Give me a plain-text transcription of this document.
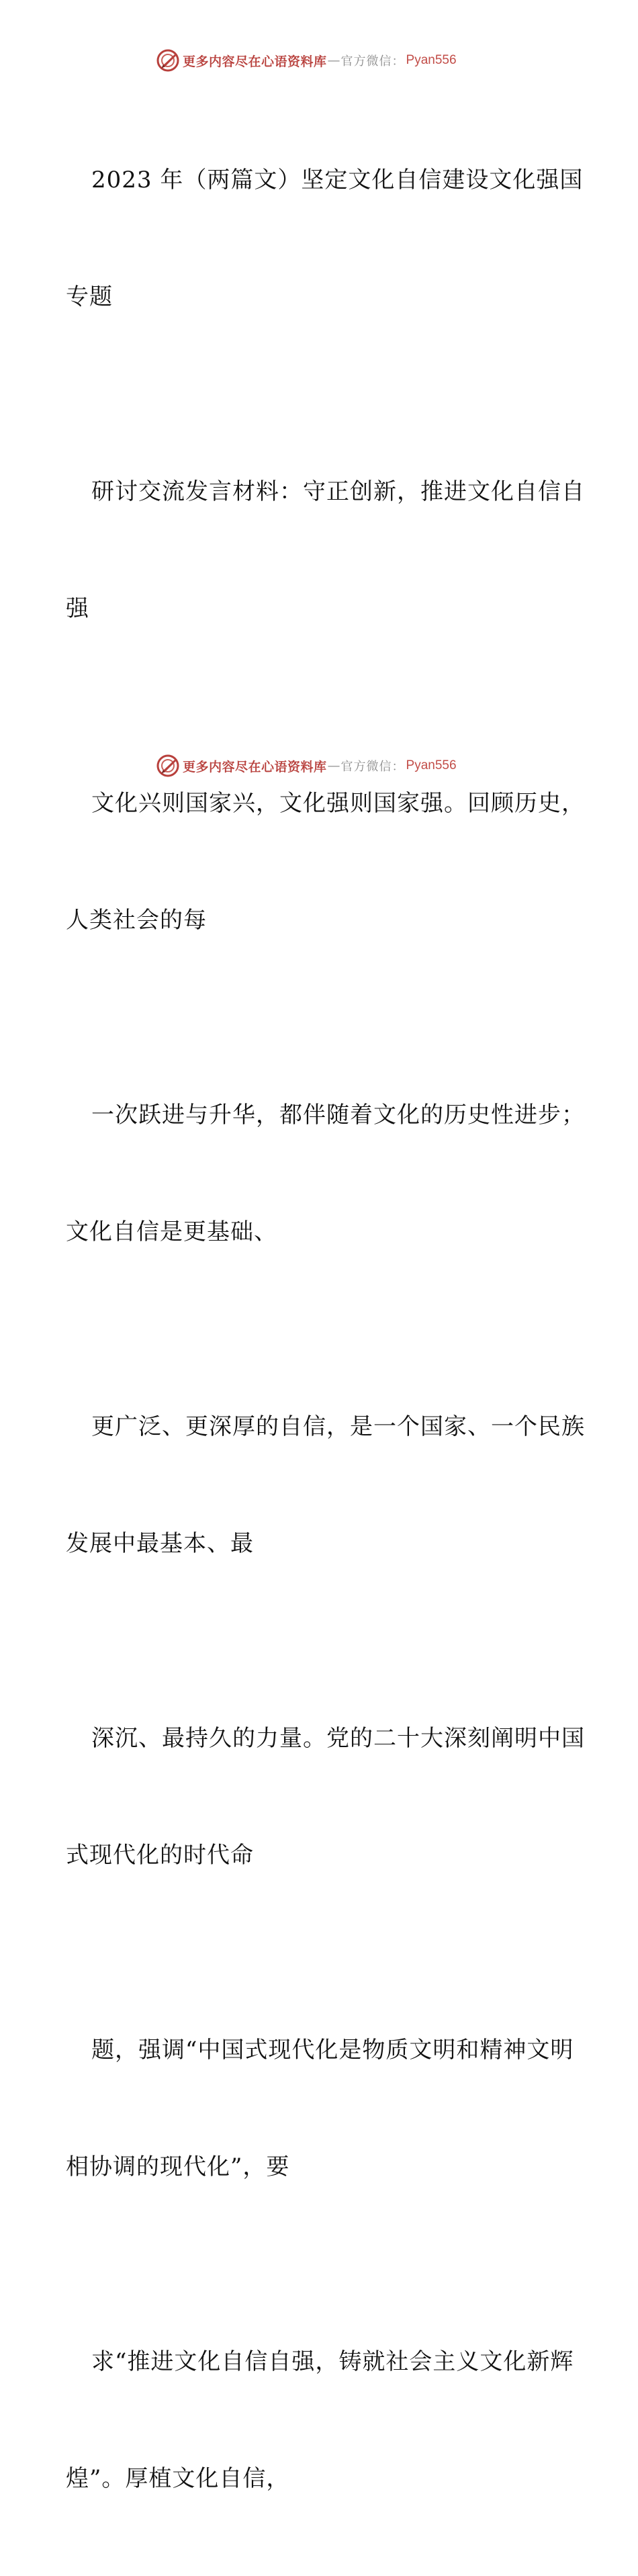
更多内容尽在心语资料库 — 官方微信： Pyan556

2023 年（两篇文）坚定文化自信建设文化强国

专题

研讨交流发言材料：守正创新，推进文化自信自

强

文化兴则国家兴，文化强则国家强。回顾历史，

人类社会的每

一次跃进与升华，都伴随着文化的历史性进步；

文化自信是更基础、

更广泛、更深厚的自信，是一个国家、一个民族

发展中最基本、最

深沉、最持久的力量。党的二十大深刻阐明中国

式现代化的时代命

题，强调“中国式现代化是物质文明和精神文明

相协调的现代化”，要

求“推进文化自信自强，铸就社会主义文化新辉

煌”。厚植文化自信，

更多内容尽在心语资料库 — 官方微信： Pyan556
